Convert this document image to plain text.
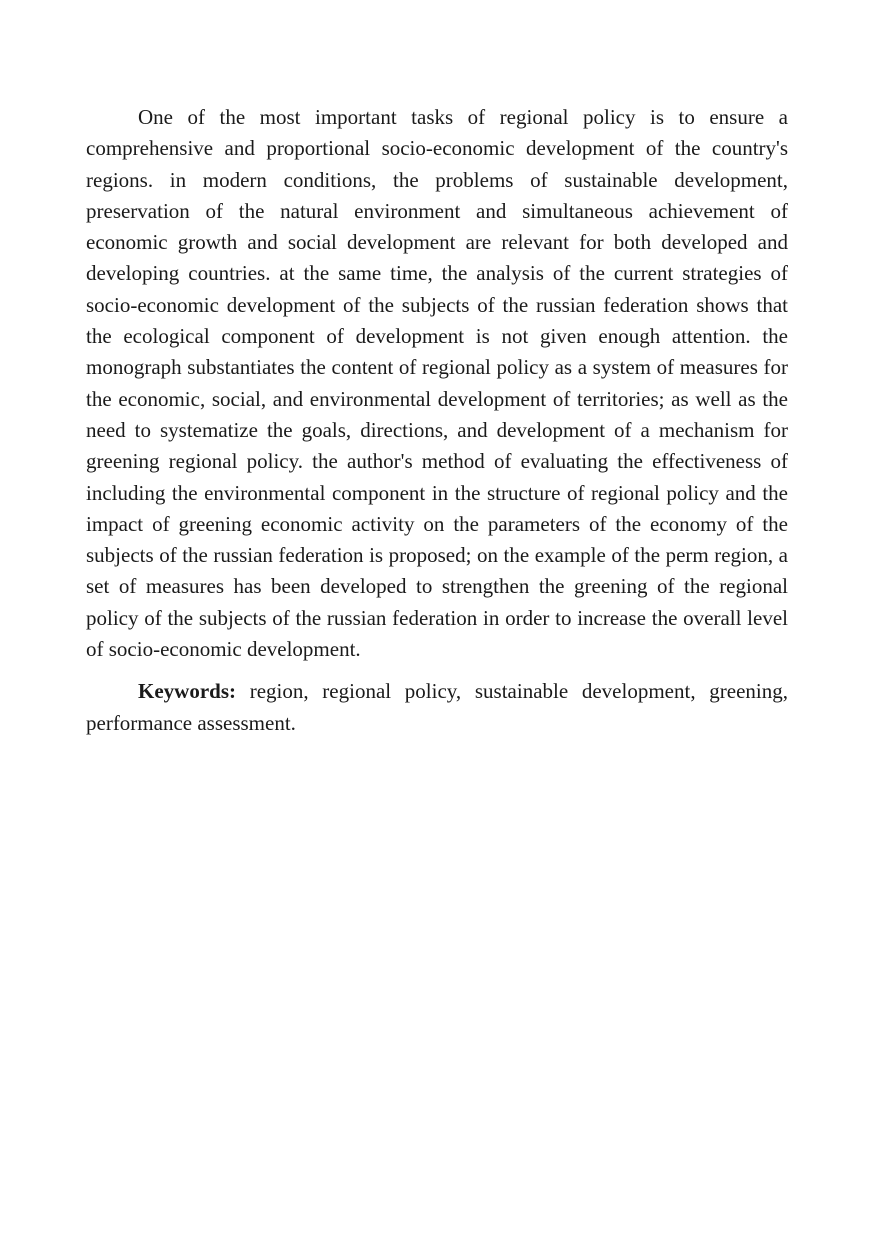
One of the most important tasks of regional policy is to ensure a comprehensive and proportional socio-economic development of the country's regions. in modern conditions, the problems of sustainable development, preservation of the natural environment and simultaneous achievement of economic growth and social development are relevant for both developed and developing countries. at the same time, the analysis of the current strategies of socio-economic development of the subjects of the russian federation shows that the ecological component of development is not given enough attention. the monograph substantiates the content of regional policy as a system of measures for the economic, social, and environmental development of territories; as well as the need to systematize the goals, directions, and development of a mechanism for greening regional policy. the author's method of evaluating the effectiveness of including the environmental component in the structure of regional policy and the impact of greening economic activity on the parameters of the economy of the subjects of the russian federation is proposed; on the example of the perm region, a set of measures has been developed to strengthen the greening of the regional policy of the subjects of the russian federation in order to increase the overall level of socio-economic development.

Keywords: region, regional policy, sustainable development, greening, performance assessment.
